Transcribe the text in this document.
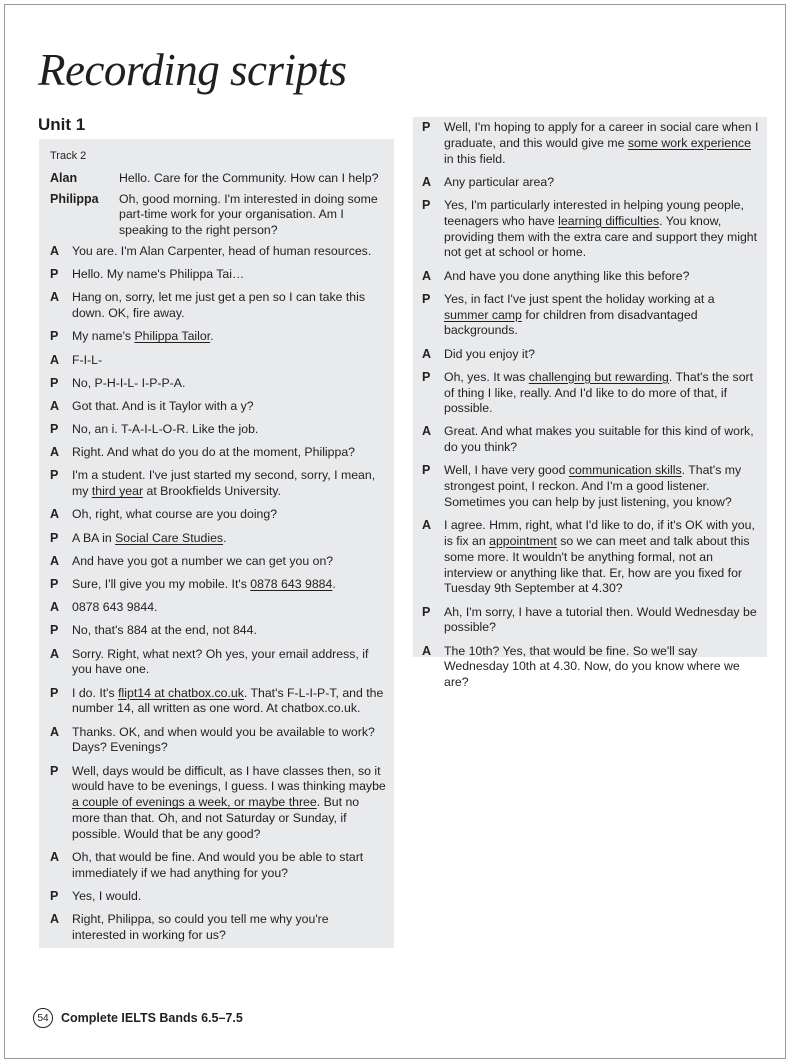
Recording scripts
Unit 1
Track 2
Alan	Hello. Care for the Community. How can I help?
Philippa	Oh, good morning. I'm interested in doing some part-time work for your organisation. Am I speaking to the right person?
A	You are. I'm Alan Carpenter, head of human resources.
P	Hello. My name's Philippa Tai…
A	Hang on, sorry, let me just get a pen so I can take this down. OK, fire away.
P	My name's Philippa Tailor.
A	F-I-L-
P	No, P-H-I-L- I-P-P-A.
A	Got that. And is it Taylor with a y?
P	No, an i. T-A-I-L-O-R. Like the job.
A	Right. And what do you do at the moment, Philippa?
P	I'm a student. I've just started my second, sorry, I mean, my third year at Brookfields University.
A	Oh, right, what course are you doing?
P	A BA in Social Care Studies.
A	And have you got a number we can get you on?
P	Sure, I'll give you my mobile. It's 0878 643 9884.
A	0878 643 9844.
P	No, that's 884 at the end, not 844.
A	Sorry. Right, what next? Oh yes, your email address, if you have one.
P	I do. It's flipt14 at chatbox.co.uk. That's F-L-I-P-T, and the number 14, all written as one word. At chatbox.co.uk.
A	Thanks. OK, and when would you be available to work? Days? Evenings?
P	Well, days would be difficult, as I have classes then, so it would have to be evenings, I guess. I was thinking maybe a couple of evenings a week, or maybe three. But no more than that. Oh, and not Saturday or Sunday, if possible. Would that be any good?
A	Oh, that would be fine. And would you be able to start immediately if we had anything for you?
P	Yes, I would.
A	Right, Philippa, so could you tell me why you're interested in working for us?
P	Well, I'm hoping to apply for a career in social care when I graduate, and this would give me some work experience in this field.
A	Any particular area?
P	Yes, I'm particularly interested in helping young people, teenagers who have learning difficulties. You know, providing them with the extra care and support they might not get at school or home.
A	And have you done anything like this before?
P	Yes, in fact I've just spent the holiday working at a summer camp for children from disadvantaged backgrounds.
A	Did you enjoy it?
P	Oh, yes. It was challenging but rewarding. That's the sort of thing I like, really. And I'd like to do more of that, if possible.
A	Great. And what makes you suitable for this kind of work, do you think?
P	Well, I have very good communication skills. That's my strongest point, I reckon. And I'm a good listener. Sometimes you can help by just listening, you know?
A	I agree. Hmm, right, what I'd like to do, if it's OK with you, is fix an appointment so we can meet and talk about this some more. It wouldn't be anything formal, not an interview or anything like that. Er, how are you fixed for Tuesday 9th September at 4.30?
P	Ah, I'm sorry, I have a tutorial then. Would Wednesday be possible?
A	The 10th? Yes, that would be fine. So we'll say Wednesday 10th at 4.30. Now, do you know where we are?
54 Complete IELTS Bands 6.5–7.5
